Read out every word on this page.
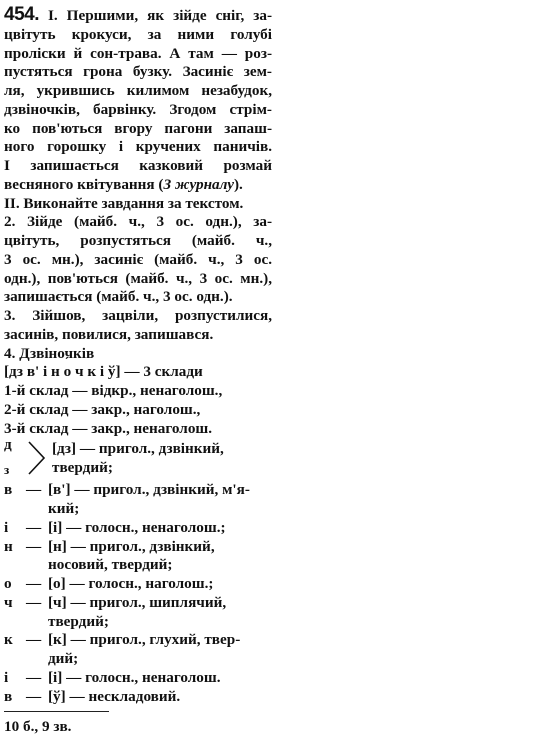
454. І. Першими, як зійде сніг, за-
цвітуть крокуси, за ними голубі
проліски й сон-трава. А там — роз-
пустяться грона бузку. Засиніє зем-
ля, укрившись килимом незабудок,
дзвіночків, барвінку. Згодом стрім-
ко пов'ються вгору пагони запаш-
ного горошку і кручених паничів.
І запишається казковий розмай
весняного квітування (З журналу).
ІІ. Виконайте завдання за текстом.
2. Зійде (майб. ч., 3 ос. одн.), за-
цвітуть, розпустяться (майб. ч.,
3 ос. мн.), засиніє (майб. ч., 3 ос.
одн.), пов'ються (майб. ч., 3 ос. мн.),
запишається (майб. ч., 3 ос. одн.).
3. Зійшов, зацвіли, розпустилися,
засинів, повилися, запишався.
4. Дзвіночків
[дз в' і н ´ о ч к і ў] — 3 склади
1-й склад — відкр., ненаголош.,
2-й склад — закр., наголош.,
3-й склад — закр., ненаголош.
д
з
[дз] — пригол., дзвінкий,
твердий;
в — [в'] — пригол., дзвінкий, м'я-
кий;
і	— [і] — голосн., ненаголош.;
н — [н] — пригол., дзвінкий,
носовий, твердий;
о — [о] — голосн., наголош.;
ч — [ч] — пригол., шиплячий,
твердий;
к — [к] — пригол., глухий, твер-
дий;
і	— [і] — голосн., ненаголош.
в — [ў] — нескладовий.
10 б., 9 зв.
